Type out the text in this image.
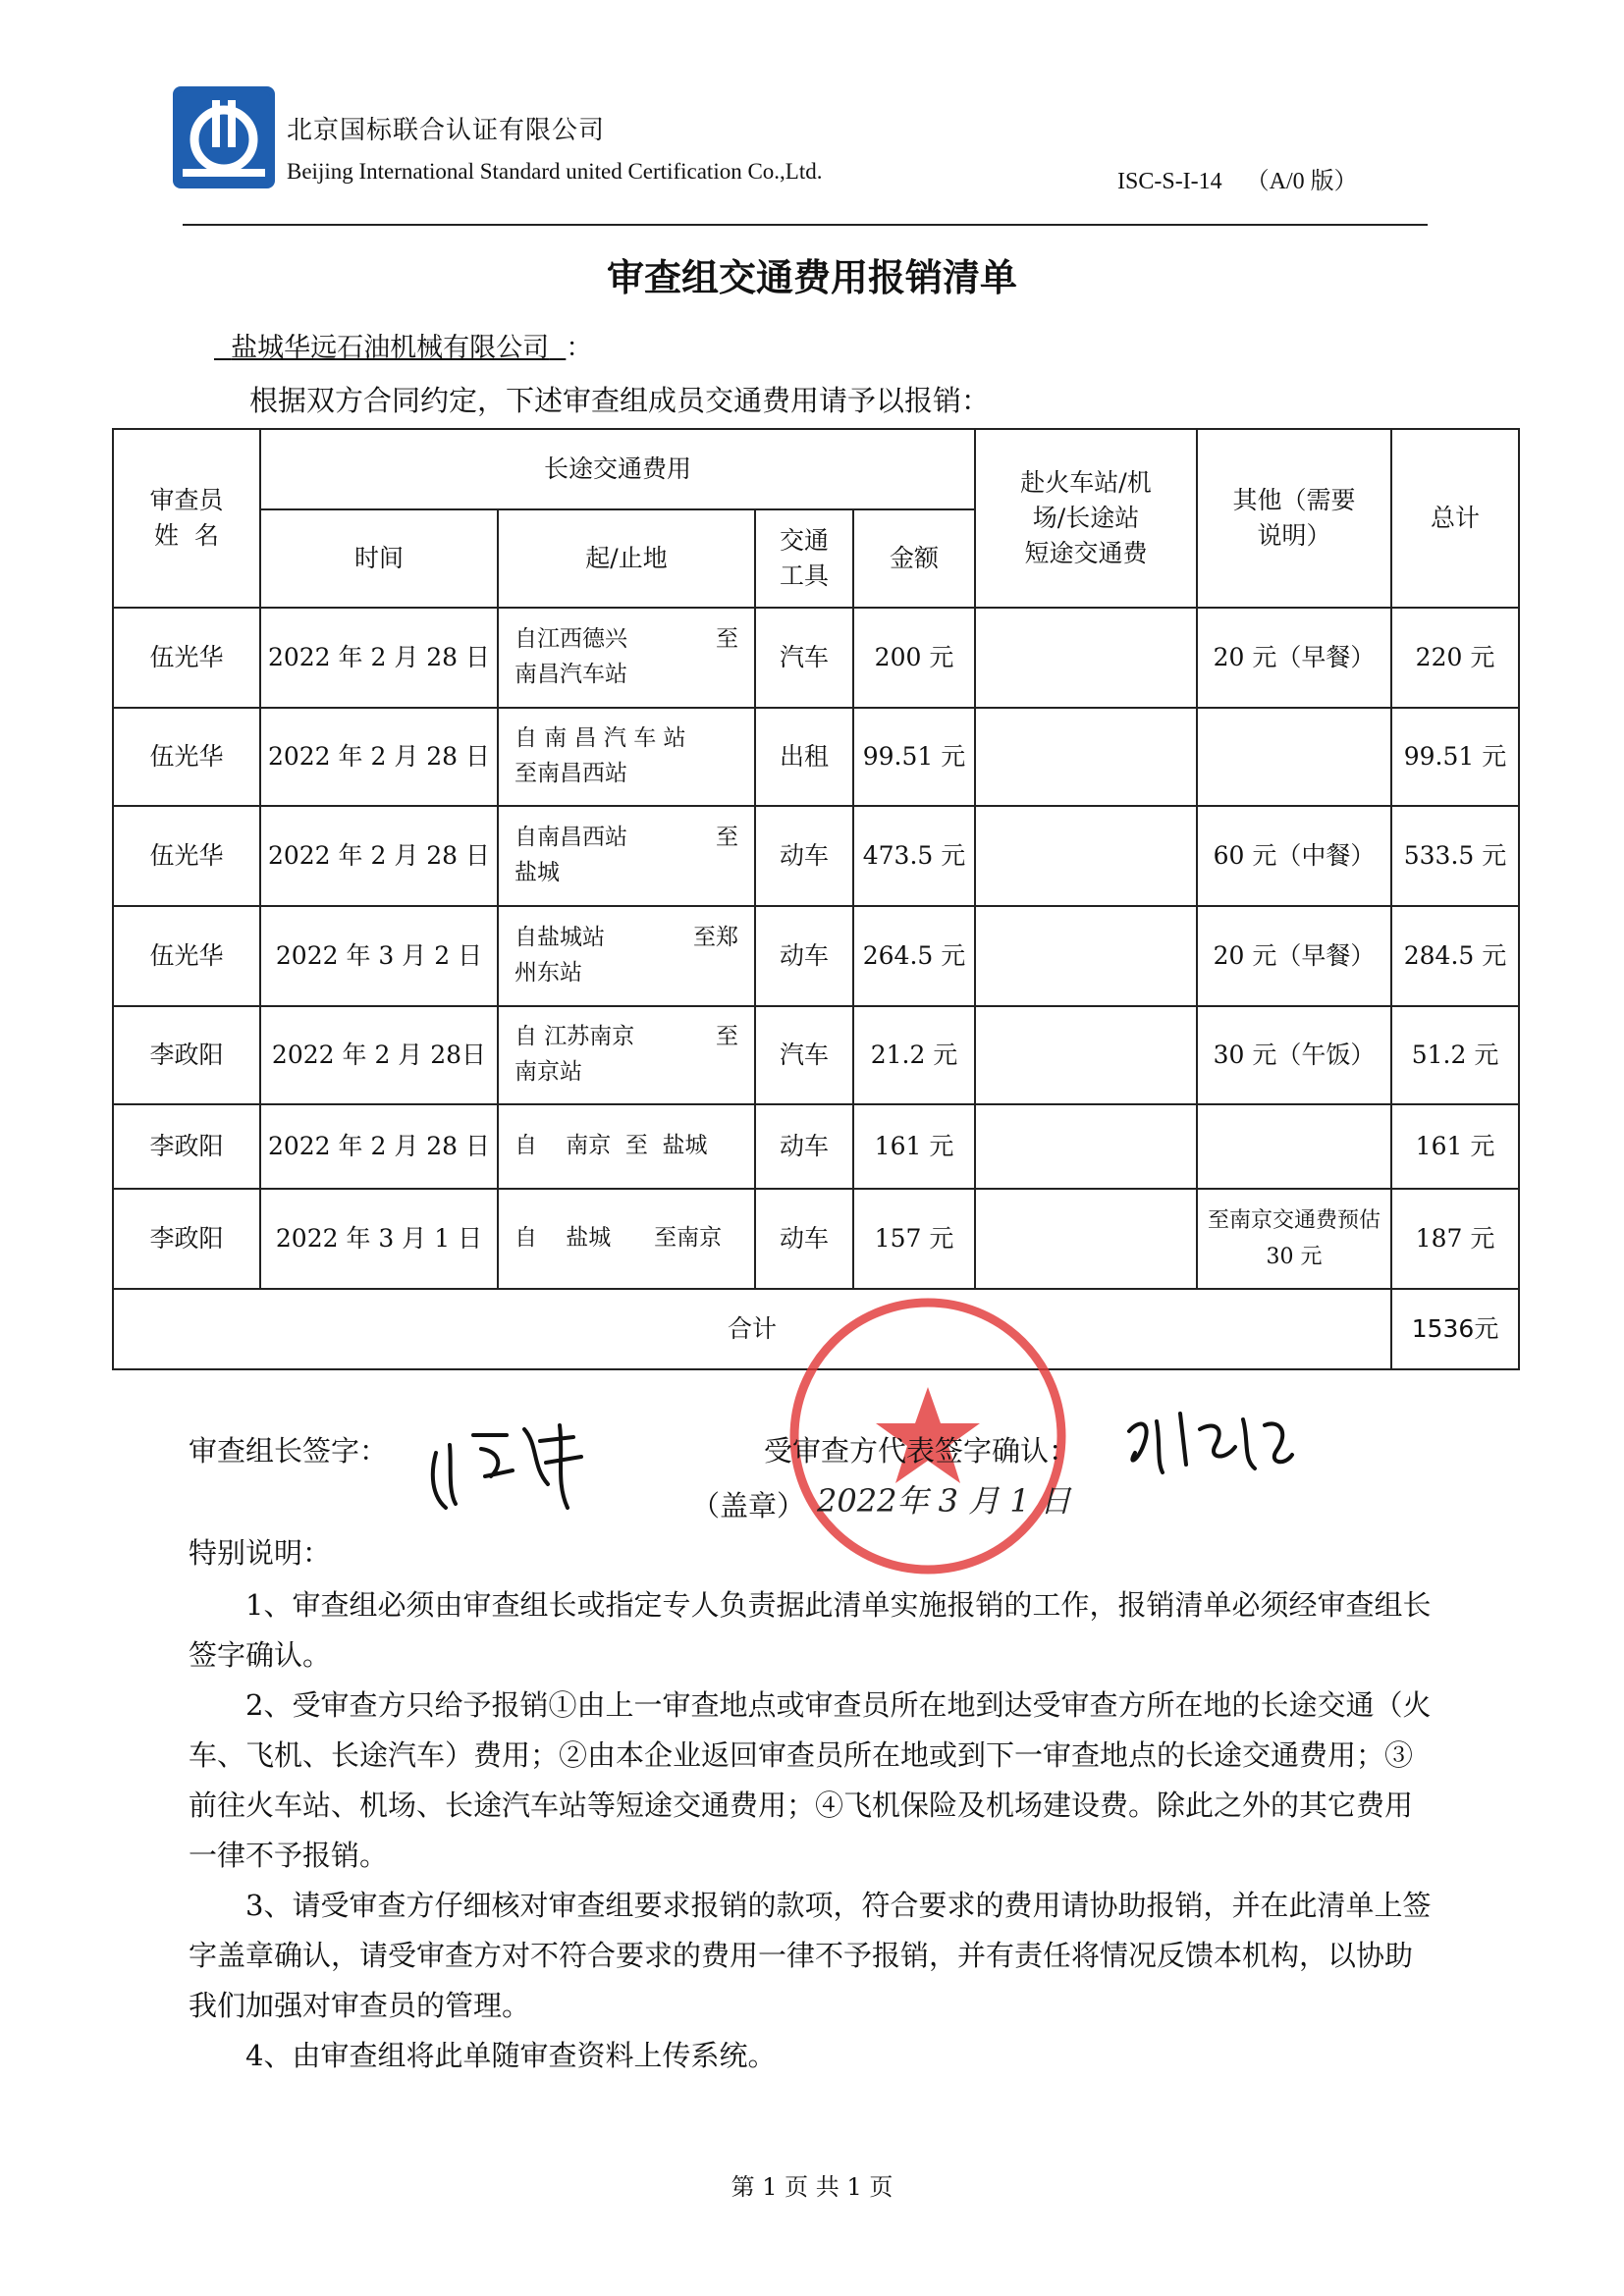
北京国标联合认证有限公司
Beijing International Standard united Certification Co.,Ltd.	ISC-S-I-14 （A/0 版）
审查组交通费用报销清单
盐城华远石油机械有限公司 ：
根据双方合同约定，下述审查组成员交通费用请予以报销：
审查员
姓  名	长途交通费用				赴火车站/机
场/长途站
短途交通费	其他（需要
说明）	总计
	时间	起/止地	交通
工具	金额			
伍光华	2022 年 2 月 28 日	自江西德兴 至
南昌汽车站	汽车	200 元		20 元（早餐）	220 元
伍光华	2022 年 2 月 28 日	自 南 昌 汽 车 站
至南昌西站	出租	99.51 元			99.51 元
伍光华	2022 年 2 月 28 日	自南昌西站 至
盐城	动车	473.5 元		60 元（中餐）	533.5 元
伍光华	2022 年 3 月 2 日	自盐城站 至郑
州东站	动车	264.5 元		20 元（早餐）	284.5 元
李政阳	2022 年 2 月 28日	自 江苏南京 至
南京站	汽车	21.2 元		30 元（午饭）	51.2 元
李政阳	2022 年 2 月 28 日	自    南京  至  盐城	动车	161 元			161 元
李政阳	2022 年 3 月 1 日	自    盐城      至南京	动车	157 元		至南京交通费预估 30 元	187 元
合计							1536元
审查组长签字：	受审查方代表签字确认：
（盖章） 2022年 3 月 1 日
特别说明：
1、审查组必须由审查组长或指定专人负责据此清单实施报销的工作，报销清单必须经审查组长签字确认。
2、受审查方只给予报销①由上一审查地点或审查员所在地到达受审查方所在地的长途交通（火车、飞机、长途汽车）费用；②由本企业返回审查员所在地或到下一审查地点的长途交通费用；③前往火车站、机场、长途汽车站等短途交通费用；④飞机保险及机场建设费。除此之外的其它费用一律不予报销。
3、请受审查方仔细核对审查组要求报销的款项，符合要求的费用请协助报销，并在此清单上签字盖章确认，请受审查方对不符合要求的费用一律不予报销，并有责任将情况反馈本机构，以协助我们加强对审查员的管理。
4、由审查组将此单随审查资料上传系统。
第 1 页 共 1 页
